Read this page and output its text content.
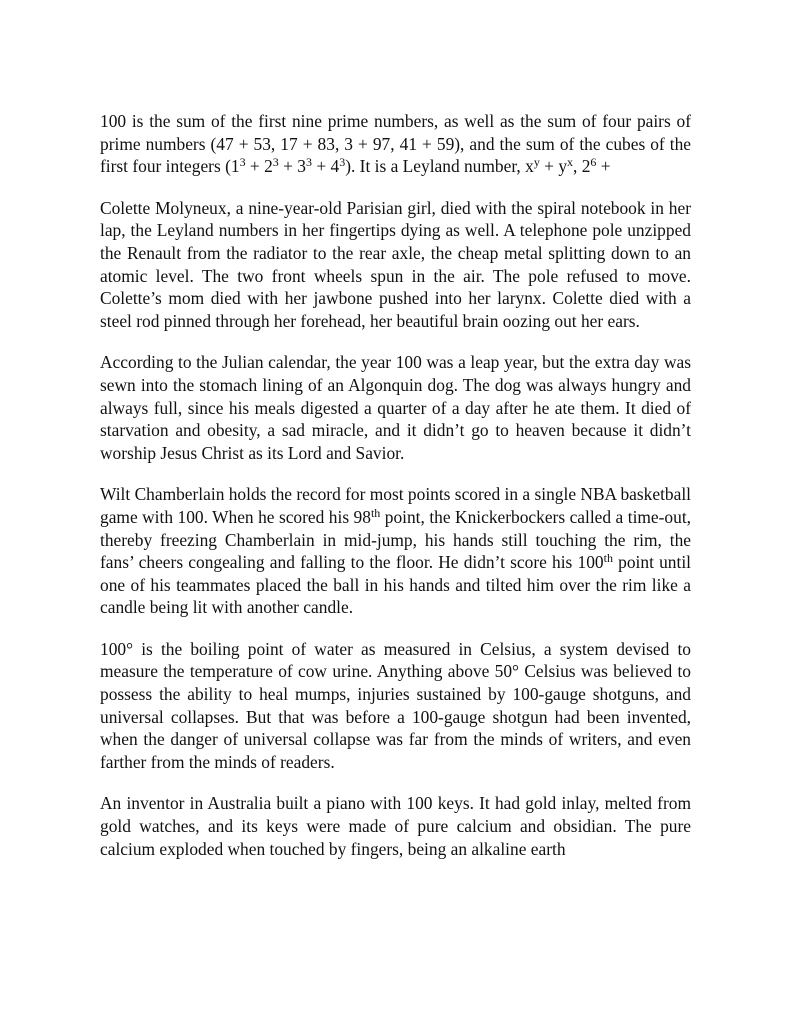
100 is the sum of the first nine prime numbers, as well as the sum of four pairs of prime numbers (47 + 53, 17 + 83, 3 + 97, 41 + 59), and the sum of the cubes of the first four integers $(1^3 + 2^3 + 3^3 + 4^3)$. It is a Leyland number, $x^y + y^x$, $2^6$ +

Colette Molyneux, a nine-year-old Parisian girl, died with the spiral notebook in her lap, the Leyland numbers in her fingertips dying as well. A telephone pole unzipped the Renault from the radiator to the rear axle, the cheap metal splitting down to an atomic level. The two front wheels spun in the air. The pole refused to move. Colette’s mom died with her jawbone pushed into her larynx. Colette died with a steel rod pinned through her forehead, her beautiful brain oozing out her ears.

According to the Julian calendar, the year 100 was a leap year, but the extra day was sewn into the stomach lining of an Algonquin dog. The dog was always hungry and always full, since his meals digested a quarter of a day after he ate them. It died of starvation and obesity, a sad miracle, and it didn’t go to heaven because it didn’t worship Jesus Christ as its Lord and Savior.

Wilt Chamberlain holds the record for most points scored in a single NBA basketball game with 100. When he scored his 98th point, the Knickerbockers called a time-out, thereby freezing Chamberlain in mid-jump, his hands still touching the rim, the fans’ cheers congealing and falling to the floor. He didn’t score his 100th point until one of his teammates placed the ball in his hands and tilted him over the rim like a candle being lit with another candle.

100° is the boiling point of water as measured in Celsius, a system devised to measure the temperature of cow urine. Anything above 50° Celsius was believed to possess the ability to heal mumps, injuries sustained by 100-gauge shotguns, and universal collapses. But that was before a 100-gauge shotgun had been invented, when the danger of universal collapse was far from the minds of writers, and even farther from the minds of readers.

An inventor in Australia built a piano with 100 keys. It had gold inlay, melted from gold watches, and its keys were made of pure calcium and obsidian. The pure calcium exploded when touched by fingers, being an alkaline earth
